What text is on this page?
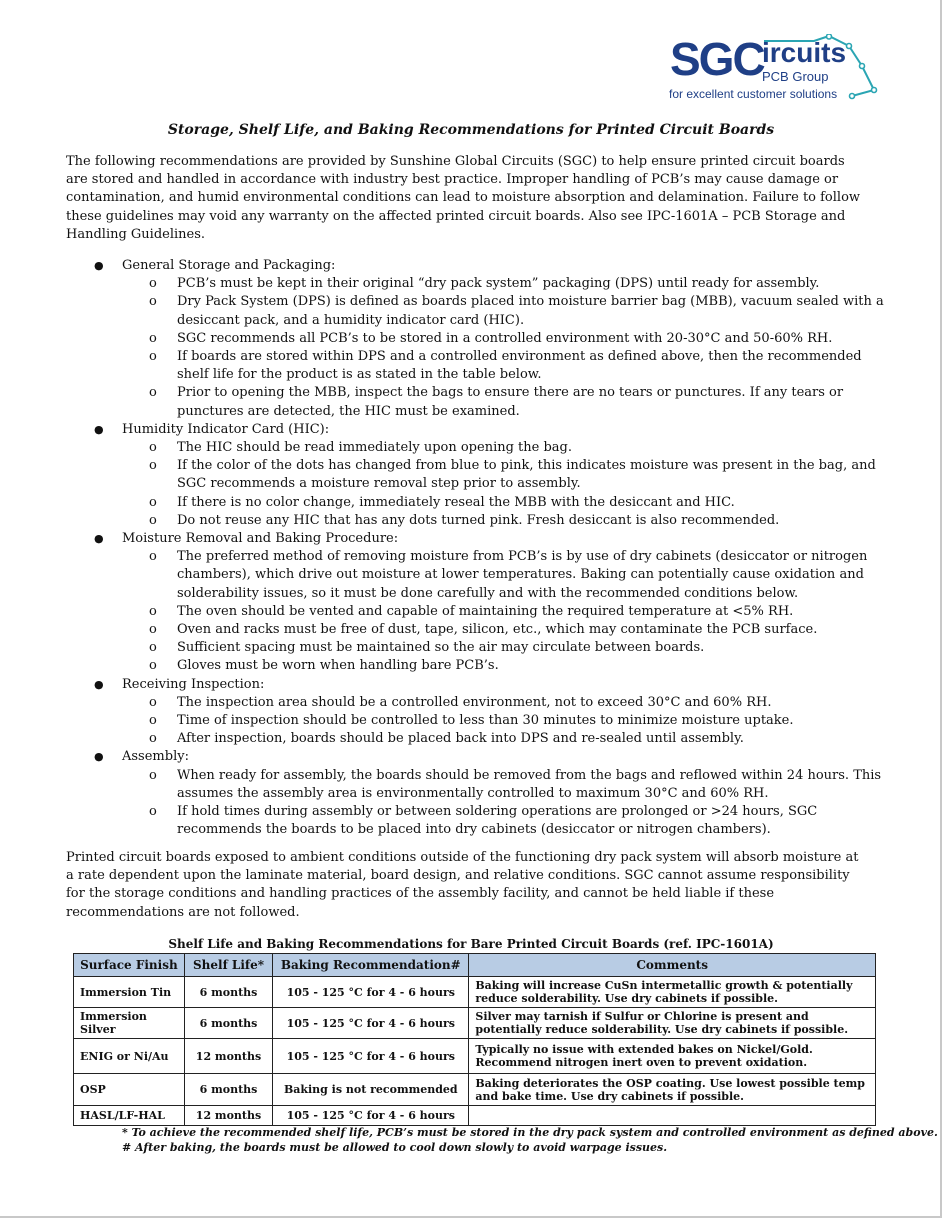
SGC
ircuits
PCB Group
for excellent customer solutions
Storage, Shelf Life, and Baking Recommendations for Printed Circuit Boards

The following recommendations are provided by Sunshine Global Circuits (SGC) to help ensure printed circuit boards are stored and handled in accordance with industry best practice. Improper handling of PCB’s may cause damage or contamination, and humid environmental conditions can lead to moisture absorption and delamination. Failure to follow these guidelines may void any warranty on the affected printed circuit boards. Also see IPC-1601A – PCB Storage and Handling Guidelines.

● General Storage and Packaging:
o PCB’s must be kept in their original “dry pack system” packaging (DPS) until ready for assembly.
o Dry Pack System (DPS) is defined as boards placed into moisture barrier bag (MBB), vacuum sealed with a desiccant pack, and a humidity indicator card (HIC).
o SGC recommends all PCB’s to be stored in a controlled environment with 20-30°C and 50-60% RH.
o If boards are stored within DPS and a controlled environment as defined above, then the recommended shelf life for the product is as stated in the table below.
o Prior to opening the MBB, inspect the bags to ensure there are no tears or punctures. If any tears or punctures are detected, the HIC must be examined.
● Humidity Indicator Card (HIC):
o The HIC should be read immediately upon opening the bag.
o If the color of the dots has changed from blue to pink, this indicates moisture was present in the bag, and SGC recommends a moisture removal step prior to assembly.
o If there is no color change, immediately reseal the MBB with the desiccant and HIC.
o Do not reuse any HIC that has any dots turned pink. Fresh desiccant is also recommended.
● Moisture Removal and Baking Procedure:
o The preferred method of removing moisture from PCB’s is by use of dry cabinets (desiccator or nitrogen chambers), which drive out moisture at lower temperatures. Baking can potentially cause oxidation and solderability issues, so it must be done carefully and with the recommended conditions below.
o The oven should be vented and capable of maintaining the required temperature at <5% RH.
o Oven and racks must be free of dust, tape, silicon, etc., which may contaminate the PCB surface.
o Sufficient spacing must be maintained so the air may circulate between boards.
o Gloves must be worn when handling bare PCB’s.
● Receiving Inspection:
o The inspection area should be a controlled environment, not to exceed 30°C and 60% RH.
o Time of inspection should be controlled to less than 30 minutes to minimize moisture uptake.
o After inspection, boards should be placed back into DPS and re-sealed until assembly.
● Assembly:
o When ready for assembly, the boards should be removed from the bags and reflowed within 24 hours. This assumes the assembly area is environmentally controlled to maximum 30°C and 60% RH.
o If hold times during assembly or between soldering operations are prolonged or >24 hours, SGC recommends the boards to be placed into dry cabinets (desiccator or nitrogen chambers).

Printed circuit boards exposed to ambient conditions outside of the functioning dry pack system will absorb moisture at a rate dependent upon the laminate material, board design, and relative conditions. SGC cannot assume responsibility for the storage conditions and handling practices of the assembly facility, and cannot be held liable if these recommendations are not followed.

Shelf Life and Baking Recommendations for Bare Printed Circuit Boards (ref. IPC-1601A)
Surface Finish	Shelf Life*	Baking Recommendation#	Comments
Immersion Tin	6 months	105 - 125 °C for 4 - 6 hours	Baking will increase CuSn intermetallic growth & potentially reduce solderability. Use dry cabinets if possible.
Immersion Silver	6 months	105 - 125 °C for 4 - 6 hours	Silver may tarnish if Sulfur or Chlorine is present and potentially reduce solderability. Use dry cabinets if possible.
ENIG or Ni/Au	12 months	105 - 125 °C for 4 - 6 hours	Typically no issue with extended bakes on Nickel/Gold. Recommend nitrogen inert oven to prevent oxidation.
OSP	6 months	Baking is not recommended	Baking deteriorates the OSP coating. Use lowest possible temp and bake time. Use dry cabinets if possible.
HASL/LF-HAL	12 months	105 - 125 °C for 4 - 6 hours	
* To achieve the recommended shelf life, PCB’s must be stored in the dry pack system and controlled environment as defined above.
# After baking, the boards must be allowed to cool down slowly to avoid warpage issues.
